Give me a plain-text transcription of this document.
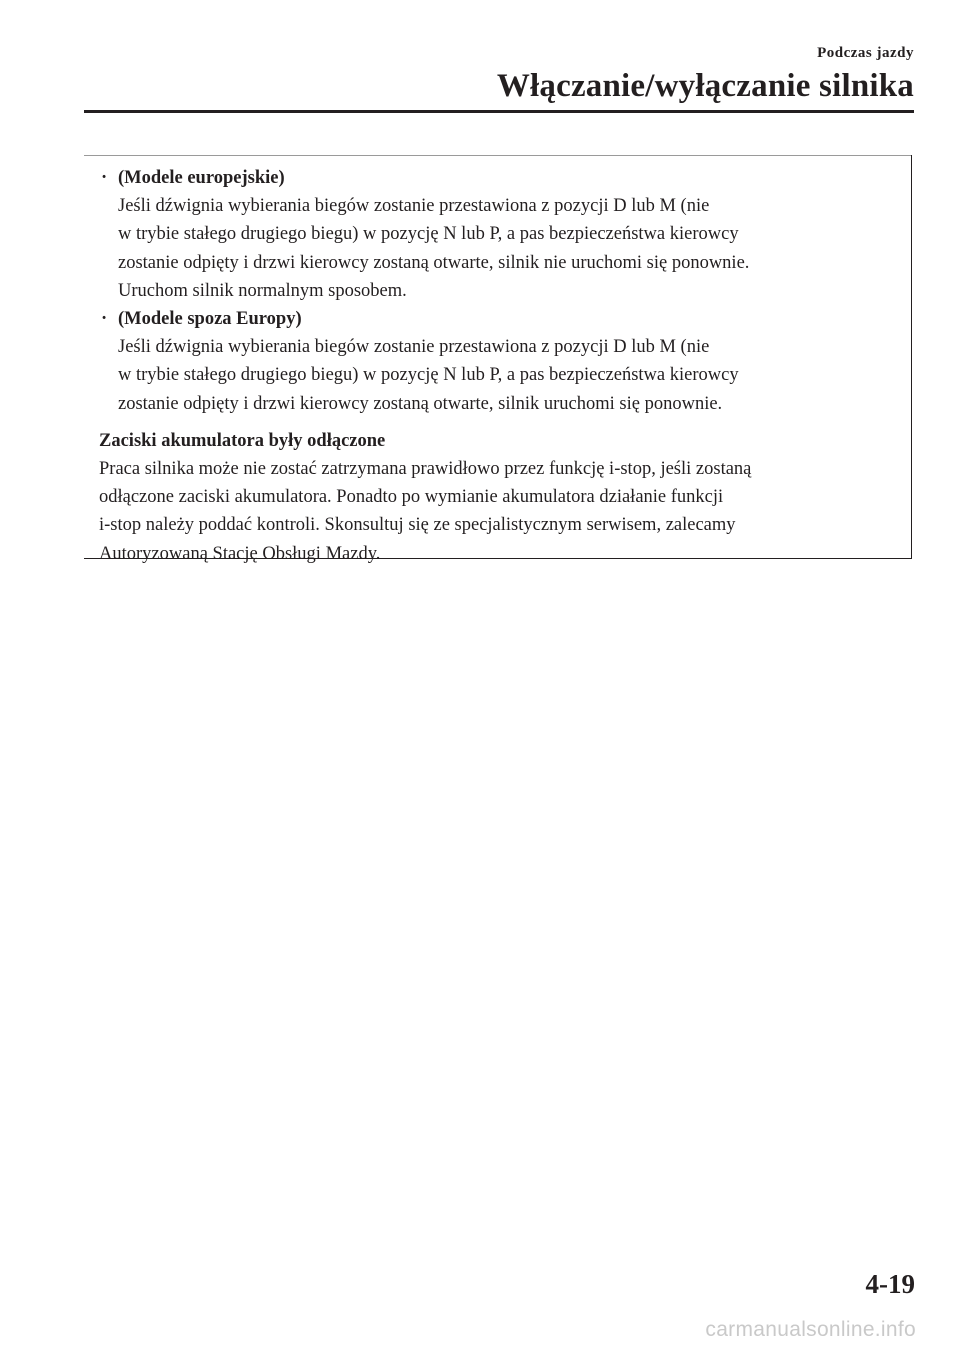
Podczas jazdy
Włączanie/wyłączanie silnika
· (Modele europejskie)
Jeśli dźwignia wybierania biegów zostanie przestawiona z pozycji D lub M (nie
w trybie stałego drugiego biegu) w pozycję N lub P, a pas bezpieczeństwa kierowcy
zostanie odpięty i drzwi kierowcy zostaną otwarte, silnik nie uruchomi się ponownie.
Uruchom silnik normalnym sposobem.
· (Modele spoza Europy)
Jeśli dźwignia wybierania biegów zostanie przestawiona z pozycji D lub M (nie
w trybie stałego drugiego biegu) w pozycję N lub P, a pas bezpieczeństwa kierowcy
zostanie odpięty i drzwi kierowcy zostaną otwarte, silnik uruchomi się ponownie.
Zaciski akumulatora były odłączone
Praca silnika może nie zostać zatrzymana prawidłowo przez funkcję i-stop, jeśli zostaną
odłączone zaciski akumulatora. Ponadto po wymianie akumulatora działanie funkcji
i-stop należy poddać kontroli. Skonsultuj się ze specjalistycznym serwisem, zalecamy
Autoryzowaną Stację Obsługi Mazdy.
4-19
carmanualsonline.info
